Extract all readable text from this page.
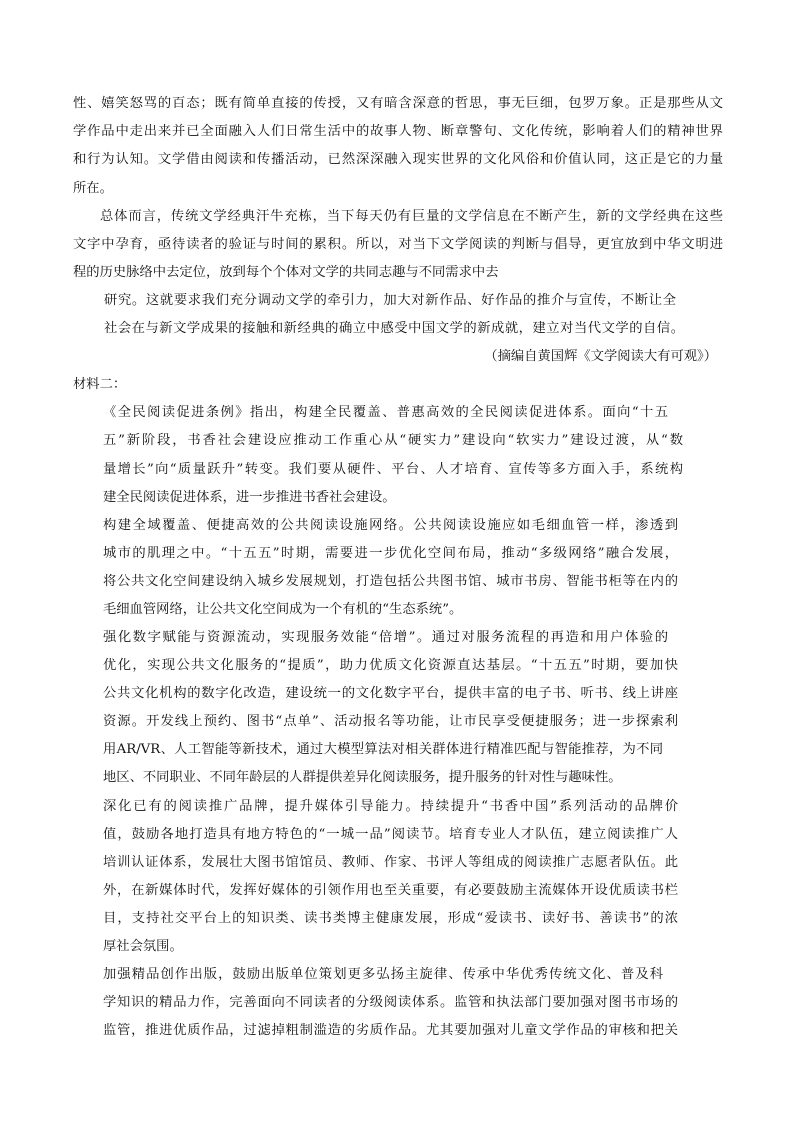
性、嬉笑怒骂的百态；既有简单直接的传授，又有暗含深意的哲思，事无巨细，包罗万象。正是那些从文
学作品中走出来并已全面融入人们日常生活中的故事人物、断章警句、文化传统，影响着人们的精神世界
和行为认知。文学借由阅读和传播活动，已然深深融入现实世界的文化风俗和价值认同，这正是它的力量
所在。
总体而言，传统文学经典汗牛充栋，当下每天仍有巨量的文学信息在不断产生，新的文学经典在这些
文字中孕育，亟待读者的验证与时间的累积。所以，对当下文学阅读的判断与倡导，更宜放到中华文明进
程的历史脉络中去定位，放到每个个体对文学的共同志趣与不同需求中去
研究。这就要求我们充分调动文学的牵引力，加大对新作品、好作品的推介与宣传，不断让全
社会在与新文学成果的接触和新经典的确立中感受中国文学的新成就，建立对当代文学的自信。
（摘编自黄国辉《文学阅读大有可观》）
材料二：
《全民阅读促进条例》指出，构建全民覆盖、普惠高效的全民阅读促进体系。面向“十五
五”新阶段，书香社会建设应推动工作重心从“硬实力”建设向“软实力”建设过渡，从“数
量增长”向“质量跃升”转变。我们要从硬件、平台、人才培育、宣传等多方面入手，系统构
建全民阅读促进体系，进一步推进书香社会建设。
构建全域覆盖、便捷高效的公共阅读设施网络。公共阅读设施应如毛细血管一样，渗透到
城市的肌理之中。“十五五”时期，需要进一步优化空间布局，推动“多级网络”融合发展，
将公共文化空间建设纳入城乡发展规划，打造包括公共图书馆、城市书房、智能书柜等在内的
毛细血管网络，让公共文化空间成为一个有机的“生态系统”。
强化数字赋能与资源流动，实现服务效能“倍增”。通过对服务流程的再造和用户体验的
优化，实现公共文化服务的“提质”，助力优质文化资源直达基层。“十五五”时期，要加快
公共文化机构的数字化改造，建设统一的文化数字平台，提供丰富的电子书、听书、线上讲座
资源。开发线上预约、图书“点单”、活动报名等功能，让市民享受便捷服务；进一步探索利
用AR/VR、人工智能等新技术，通过大模型算法对相关群体进行精准匹配与智能推荐，为不同
地区、不同职业、不同年龄层的人群提供差异化阅读服务，提升服务的针对性与趣味性。
深化已有的阅读推广品牌，提升媒体引导能力。持续提升“书香中国”系列活动的品牌价
值，鼓励各地打造具有地方特色的“一城一品”阅读节。培育专业人才队伍，建立阅读推广人
培训认证体系，发展壮大图书馆馆员、教师、作家、书评人等组成的阅读推广志愿者队伍。此
外，在新媒体时代，发挥好媒体的引领作用也至关重要，有必要鼓励主流媒体开设优质读书栏
目，支持社交平台上的知识类、读书类博主健康发展，形成“爱读书、读好书、善读书”的浓
厚社会氛围。
加强精品创作出版，鼓励出版单位策划更多弘扬主旋律、传承中华优秀传统文化、普及科
学知识的精品力作，完善面向不同读者的分级阅读体系。监管和执法部门要加强对图书市场的
监管，推进优质作品，过滤掉粗制滥造的劣质作品。尤其要加强对儿童文学作品的审核和把关
